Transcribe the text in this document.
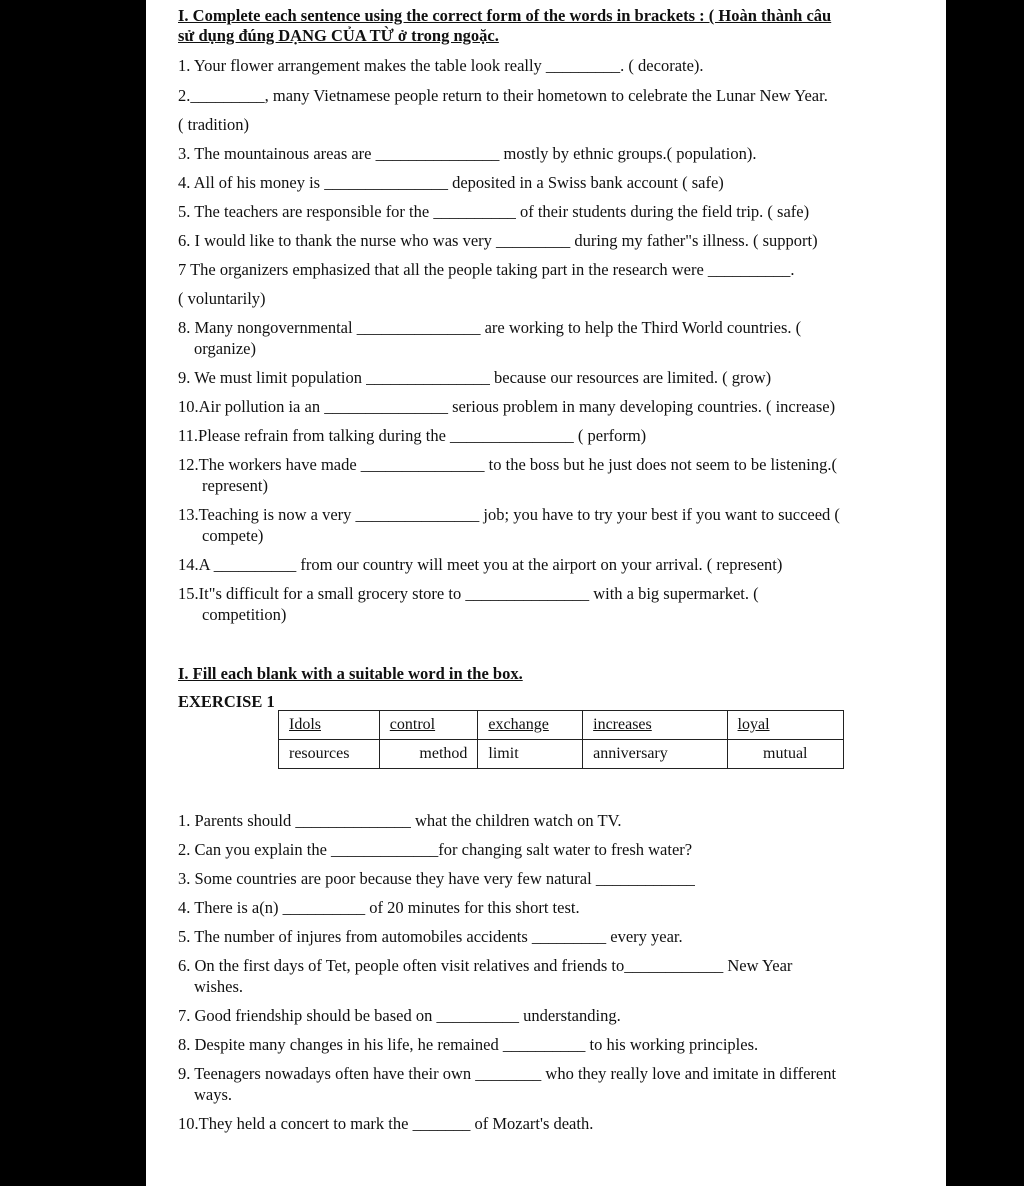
I. Complete each sentence using the correct form of the words in brackets : ( Hoàn thành câu
sử dụng đúng DẠNG CỦA TỪ ở trong ngoặc.
1. Your flower arrangement makes the table look really _________. ( decorate).
2._________, many Vietnamese people return to their hometown to celebrate the Lunar New Year.
( tradition)
3. The mountainous areas are _______________ mostly by ethnic groups.( population).
4. All of his money is _______________ deposited in a Swiss bank account ( safe)
5. The teachers are responsible for the __________ of their students during the field trip. ( safe)
6. I would like to thank the nurse who was very _________ during my father"s illness. ( support)
7 The organizers emphasized that all the people taking part in the research were __________.
( voluntarily)
8. Many nongovernmental _______________ are working to help the Third World countries. (
organize)
9. We must limit population _______________ because our resources are limited. ( grow)
10.Air pollution ia an _______________ serious problem in many developing countries. ( increase)
11.Please refrain from talking during the _______________ ( perform)
12.The workers have made _______________ to the boss but he just does not seem to be listening.(
represent)
13.Teaching is now a very _______________ job; you have to try your best if you want to succeed (
compete)
14.A __________ from our country will meet you at the airport on your arrival. ( represent)
15.It"s difficult for a small grocery store to _______________ with a big supermarket. (
competition)
I. Fill each blank with a suitable word in the box.
EXERCISE 1
Idols	control	exchange	increases	loyal
resources	method	limit	anniversary	mutual
1. Parents should ______________ what the children watch on TV.
2. Can you explain the _____________for changing salt water to fresh water?
3. Some countries are poor because they have very few natural ____________
4. There is a(n) __________ of 20 minutes for this short test.
5. The number of injures from automobiles accidents _________ every year.
6. On the first days of Tet, people often visit relatives and friends to____________ New Year
wishes.
7. Good friendship should be based on __________ understanding.
8. Despite many changes in his life, he remained __________ to his working principles.
9. Teenagers nowadays often have their own ________ who they really love and imitate in different
ways.
10.They held a concert to mark the _______ of Mozart's death.
